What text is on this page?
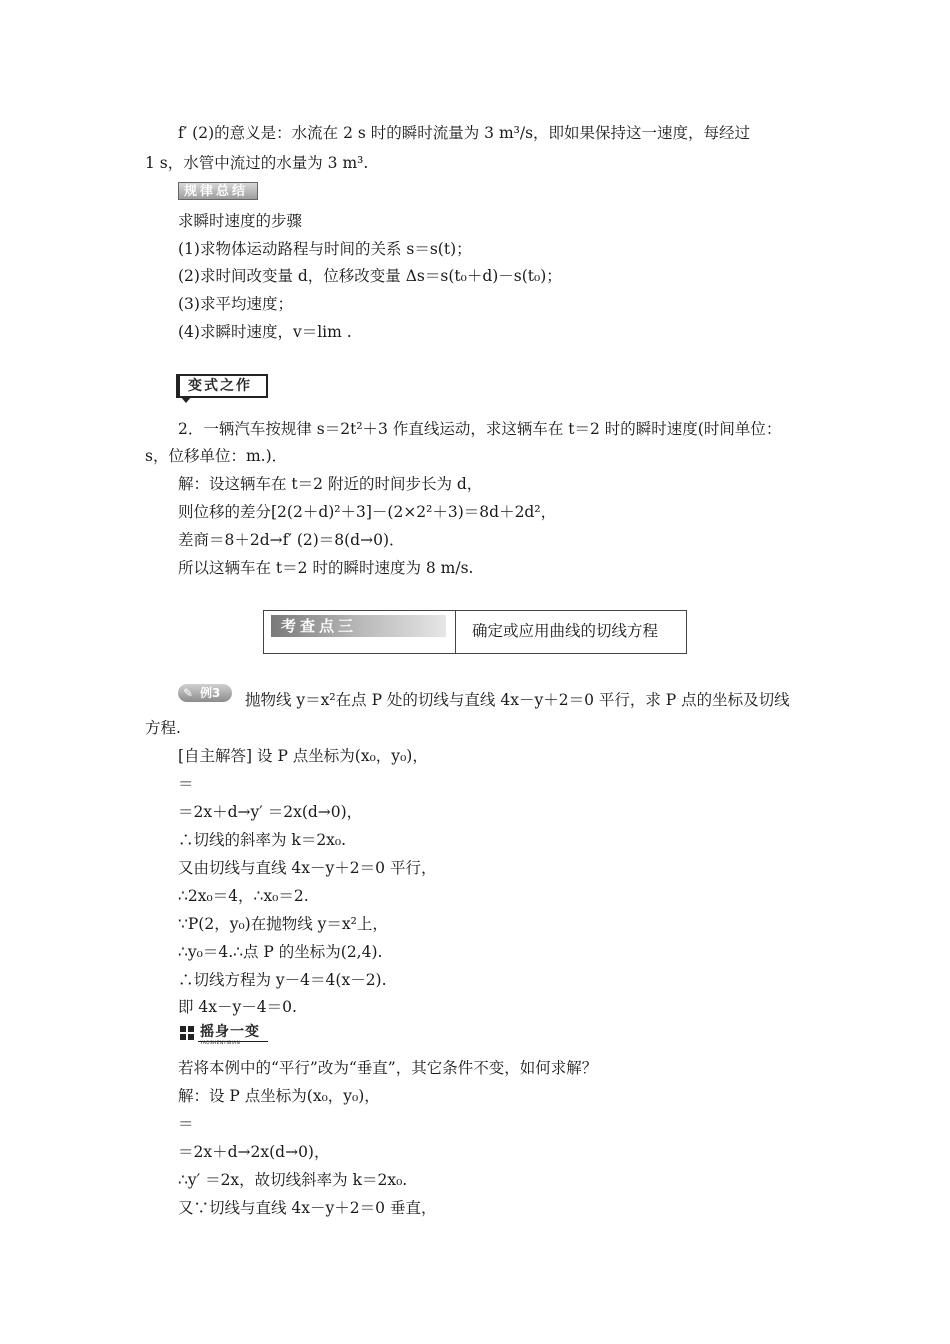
f′ (2)的意义是：水流在 2 s 时的瞬时流量为 3 m³/s，即如果保持这一速度，每经过
1 s，水管中流过的水量为 3 m³.
规律总结
求瞬时速度的步骤
(1)求物体运动路程与时间的关系 s＝s(t)；
(2)求时间改变量 d，位移改变量 Δs＝s(t₀＋d)－s(t₀)；
(3)求平均速度；
(4)求瞬时速度，v＝lim .
变式之作
2．一辆汽车按规律 s＝2t²＋3 作直线运动，求这辆车在 t＝2 时的瞬时速度(时间单位：
s，位移单位：m.)．
解：设这辆车在 t＝2 附近的时间步长为 d，
则位移的差分[2(2＋d)²＋3]－(2×2²＋3)＝8d＋2d²，
差商＝8＋2d→f′ (2)＝8(d→0)．
所以这辆车在 t＝2 时的瞬时速度为 8 m/s.
考查点三	确定或应用曲线的切线方程
✎ 例3 抛物线 y＝x²在点 P 处的切线与直线 4x－y＋2＝0 平行，求 P 点的坐标及切线
方程.
[自主解答] 设 P 点坐标为(x₀，y₀)，
＝
＝2x＋d→y′ ＝2x(d→0)，
∴切线的斜率为 k＝2x₀.
又由切线与直线 4x－y＋2＝0 平行，
∴2x₀＝4，∴x₀＝2.
∵P(2，y₀)在抛物线 y＝x²上，
∴y₀＝4.∴点 P 的坐标为(2,4).
∴切线方程为 y－4＝4(x－2).
即 4x－y－4＝0.
摇身一变
YAOSHENYIBIAN
若将本例中的“平行”改为“垂直”，其它条件不变，如何求解？
解：设 P 点坐标为(x₀，y₀)，
＝
＝2x＋d→2x(d→0)，
∴y′ ＝2x，故切线斜率为 k＝2x₀.
又∵切线与直线 4x－y＋2＝0 垂直，
